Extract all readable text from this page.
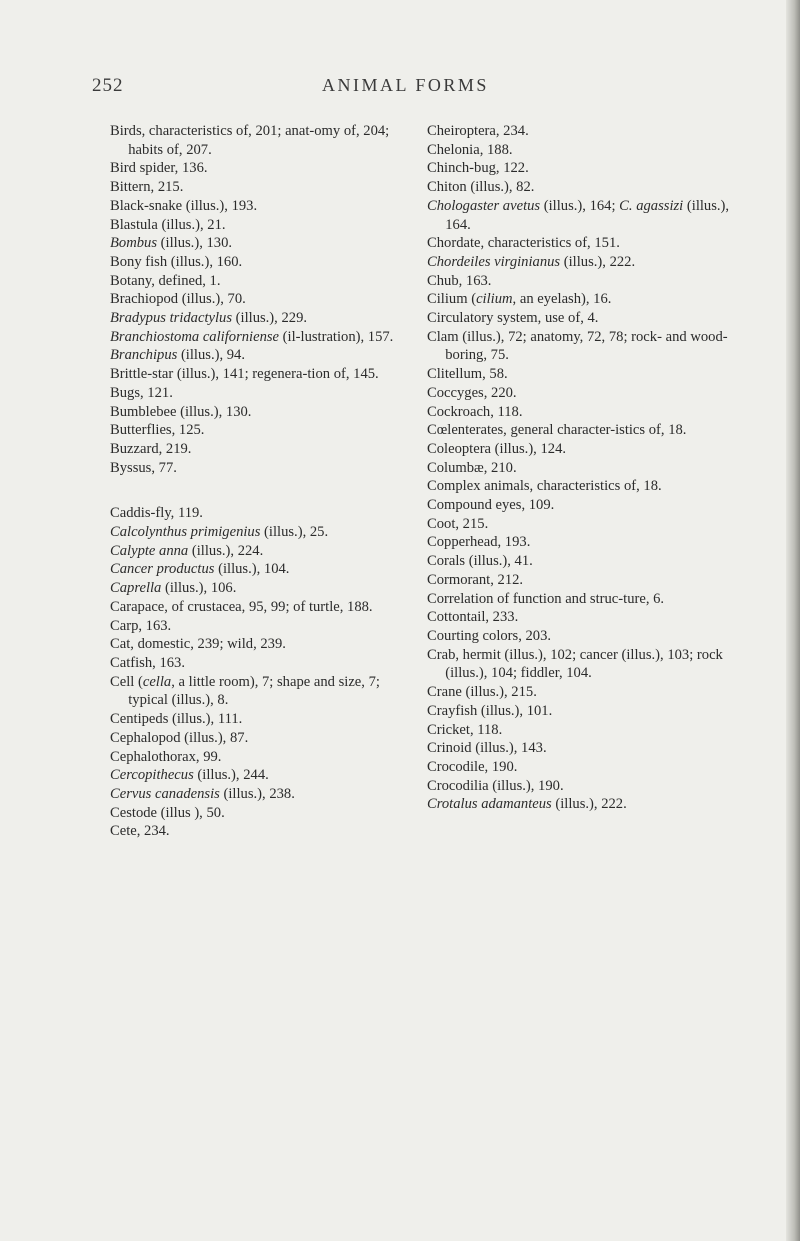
252	ANIMAL FORMS

Birds, characteristics of, 201; anat-omy of, 204; habits of, 207.

Bird spider, 136.

Bittern, 215.

Black-snake (illus.), 193.

Blastula (illus.), 21.

Bombus (illus.), 130.

Bony fish (illus.), 160.

Botany, defined, 1.

Brachiopod (illus.), 70.

Bradypus tridactylus (illus.), 229.

Branchiostoma californiense (il-lustration), 157.

Branchipus (illus.), 94.

Brittle-star (illus.), 141; regenera-tion of, 145.

Bugs, 121.

Bumblebee (illus.), 130.

Butterflies, 125.

Buzzard, 219.

Byssus, 77.

Caddis-fly, 119.

Calcolynthus primigenius (illus.), 25.

Calypte anna (illus.), 224.

Cancer productus (illus.), 104.

Caprella (illus.), 106.

Carapace, of crustacea, 95, 99; of turtle, 188.

Carp, 163.

Cat, domestic, 239; wild, 239.

Catfish, 163.

Cell (cella, a little room), 7; shape and size, 7; typical (illus.), 8.

Centipeds (illus.), 111.

Cephalopod (illus.), 87.

Cephalothorax, 99.

Cercopithecus (illus.), 244.

Cervus canadensis (illus.), 238.

Cestode (illus ), 50.

Cete, 234.

Cheiroptera, 234.

Chelonia, 188.

Chinch-bug, 122.

Chiton (illus.), 82.

Chologaster avetus (illus.), 164; C. agassizi (illus.), 164.

Chordate, characteristics of, 151.

Chordeiles virginianus (illus.), 222.

Chub, 163.

Cilium (cilium, an eyelash), 16.

Circulatory system, use of, 4.

Clam (illus.), 72; anatomy, 72, 78; rock- and wood-boring, 75.

Clitellum, 58.

Coccyges, 220.

Cockroach, 118.

Cœlenterates, general character-istics of, 18.

Coleoptera (illus.), 124.

Columbæ, 210.

Complex animals, characteristics of, 18.

Compound eyes, 109.

Coot, 215.

Copperhead, 193.

Corals (illus.), 41.

Cormorant, 212.

Correlation of function and struc-ture, 6.

Cottontail, 233.

Courting colors, 203.

Crab, hermit (illus.), 102; cancer (illus.), 103; rock (illus.), 104; fiddler, 104.

Crane (illus.), 215.

Crayfish (illus.), 101.

Cricket, 118.

Crinoid (illus.), 143.

Crocodile, 190.

Crocodilia (illus.), 190.

Crotalus adamanteus (illus.), 222.
